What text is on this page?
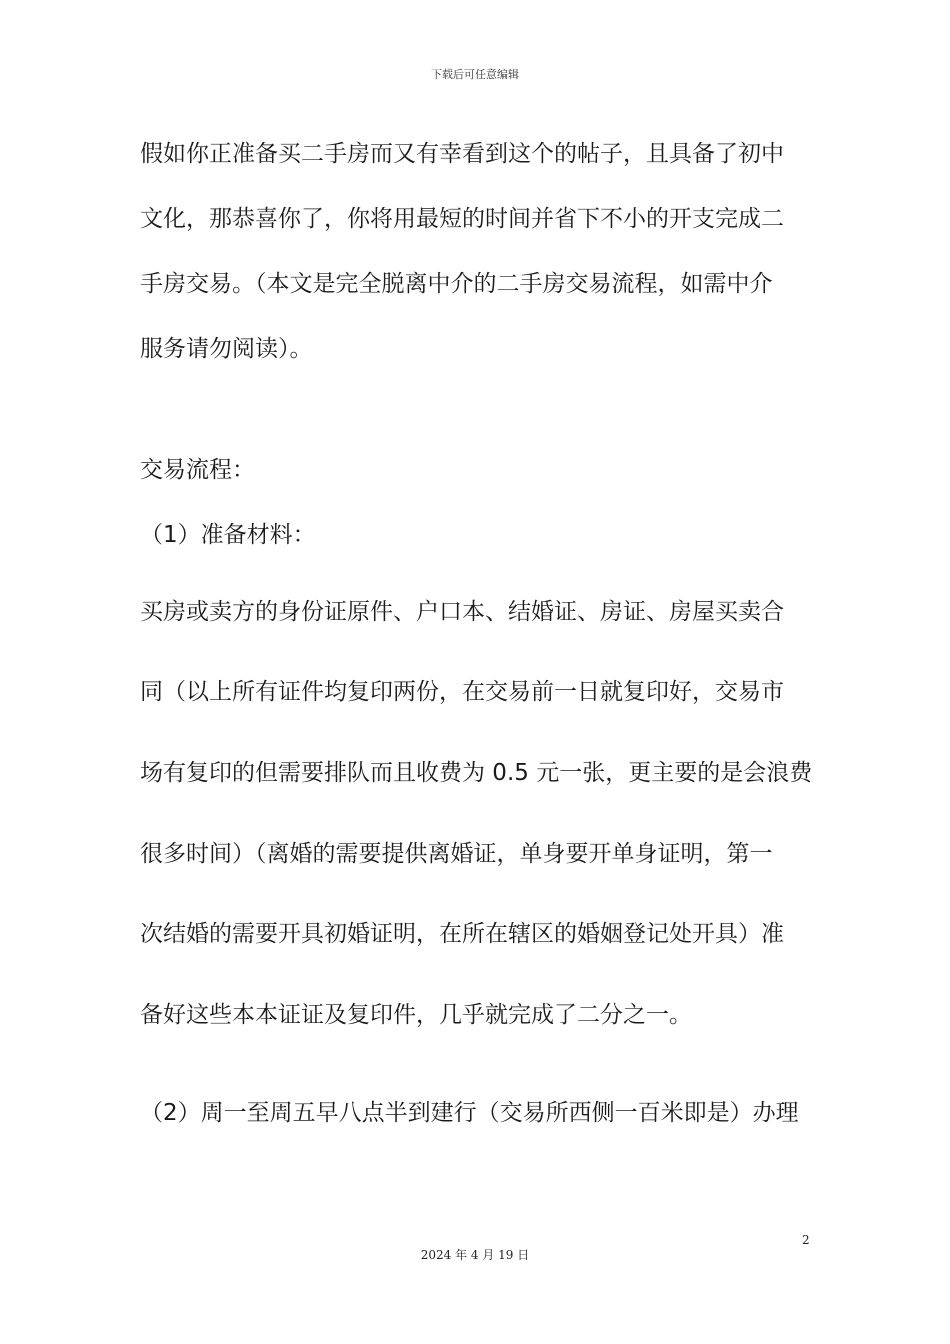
下载后可任意编辑
假如你正准备买二手房而又有幸看到这个的帖子，且具备了初中
文化，那恭喜你了，你将用最短的时间并省下不小的开支完成二
手房交易。（本文是完全脱离中介的二手房交易流程，如需中介
服务请勿阅读）。
交易流程：
（1）准备材料：
买房或卖方的身份证原件、户口本、结婚证、房证、房屋买卖合
同（以上所有证件均复印两份，在交易前一日就复印好，交易市
场有复印的但需要排队而且收费为 0.5 元一张，更主要的是会浪费
很多时间）（离婚的需要提供离婚证，单身要开单身证明，第一
次结婚的需要开具初婚证明，在所在辖区的婚姻登记处开具）准
备好这些本本证证及复印件，几乎就完成了二分之一。
（2）周一至周五早八点半到建行（交易所西侧一百米即是）办理
2
2024 年 4 月 19 日
